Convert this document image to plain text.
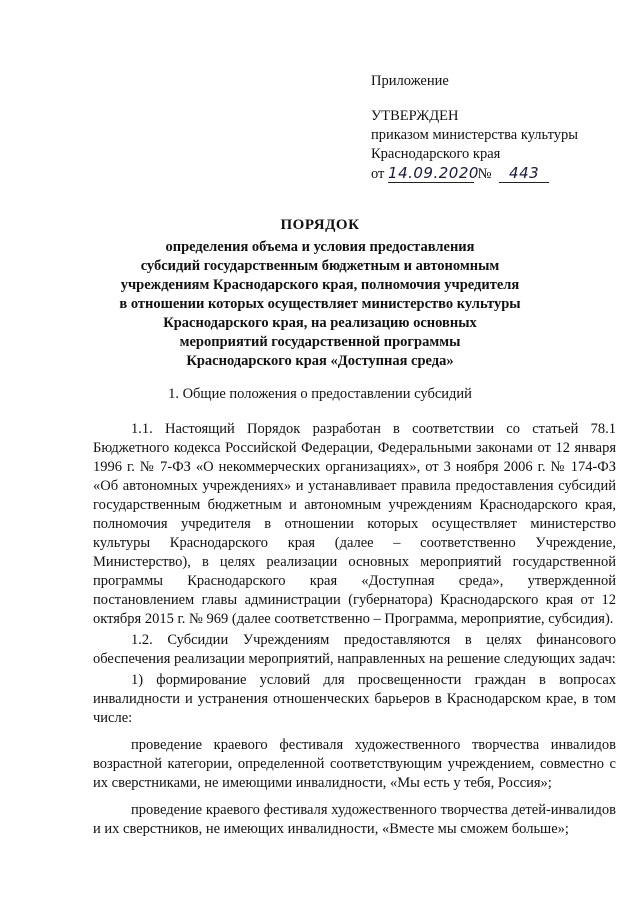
Приложение
УТВЕРЖДЕН
приказом министерства культуры
Краснодарского края
от 14.09.2020 № 443
ПОРЯДОК
определения объема и условия предоставления
субсидий государственным бюджетным и автономным
учреждениям Краснодарского края, полномочия учредителя
в отношении которых осуществляет министерство культуры
Краснодарского края, на реализацию основных
мероприятий государственной программы
Краснодарского края «Доступная среда»
1. Общие положения о предоставлении субсидий

1.1. Настоящий Порядок разработан в соответствии со статьей 78.1 Бюджетного кодекса Российской Федерации, Федеральными законами от 12 января 1996 г. № 7-ФЗ «О некоммерческих организациях», от 3 ноября 2006 г. № 174-ФЗ «Об автономных учреждениях» и устанавливает правила предоставления субсидий государственным бюджетным и автономным учреждениям Краснодарского края, полномочия учредителя в отношении которых осуществляет министерство культуры Краснодарского края (далее – соответственно Учреждение, Министерство), в целях реализации основных мероприятий государственной программы Краснодарского края «Доступная среда», утвержденной постановлением главы администрации (губернатора) Краснодарского края от 12 октября 2015 г. № 969 (далее соответственно – Программа, мероприятие, субсидия).

1.2. Субсидии Учреждениям предоставляются в целях финансового обеспечения реализации мероприятий, направленных на решение следующих задач:

1) формирование условий для просвещенности граждан в вопросах инвалидности и устранения отношенческих барьеров в Краснодарском крае, в том числе:

проведение краевого фестиваля художественного творчества инвалидов возрастной категории, определенной соответствующим учреждением, совместно с их сверстниками, не имеющими инвалидности, «Мы есть у тебя, Россия»;

проведение краевого фестиваля художественного творчества детей-инвалидов и их сверстников, не имеющих инвалидности, «Вместе мы сможем больше»;
